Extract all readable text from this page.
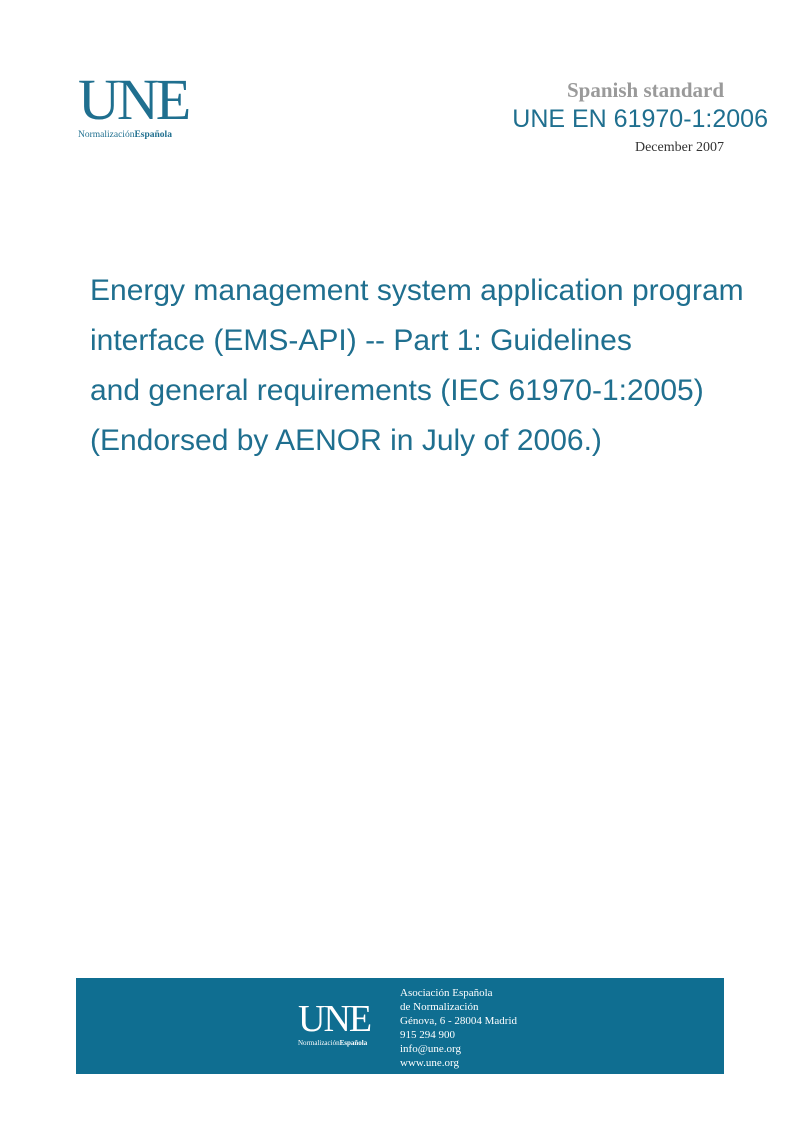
UNE
NormalizaciónEspañola
Spanish standard
UNE EN 61970-1:2006
December 2007
Energy management system application program
interface (EMS-API) -- Part 1: Guidelines
and general requirements (IEC 61970-1:2005)
(Endorsed by AENOR in July of 2006.)
UNE
NormalizaciónEspañola
Asociación Española
de Normalización
Génova, 6 - 28004 Madrid
915 294 900
info@une.org
www.une.org
